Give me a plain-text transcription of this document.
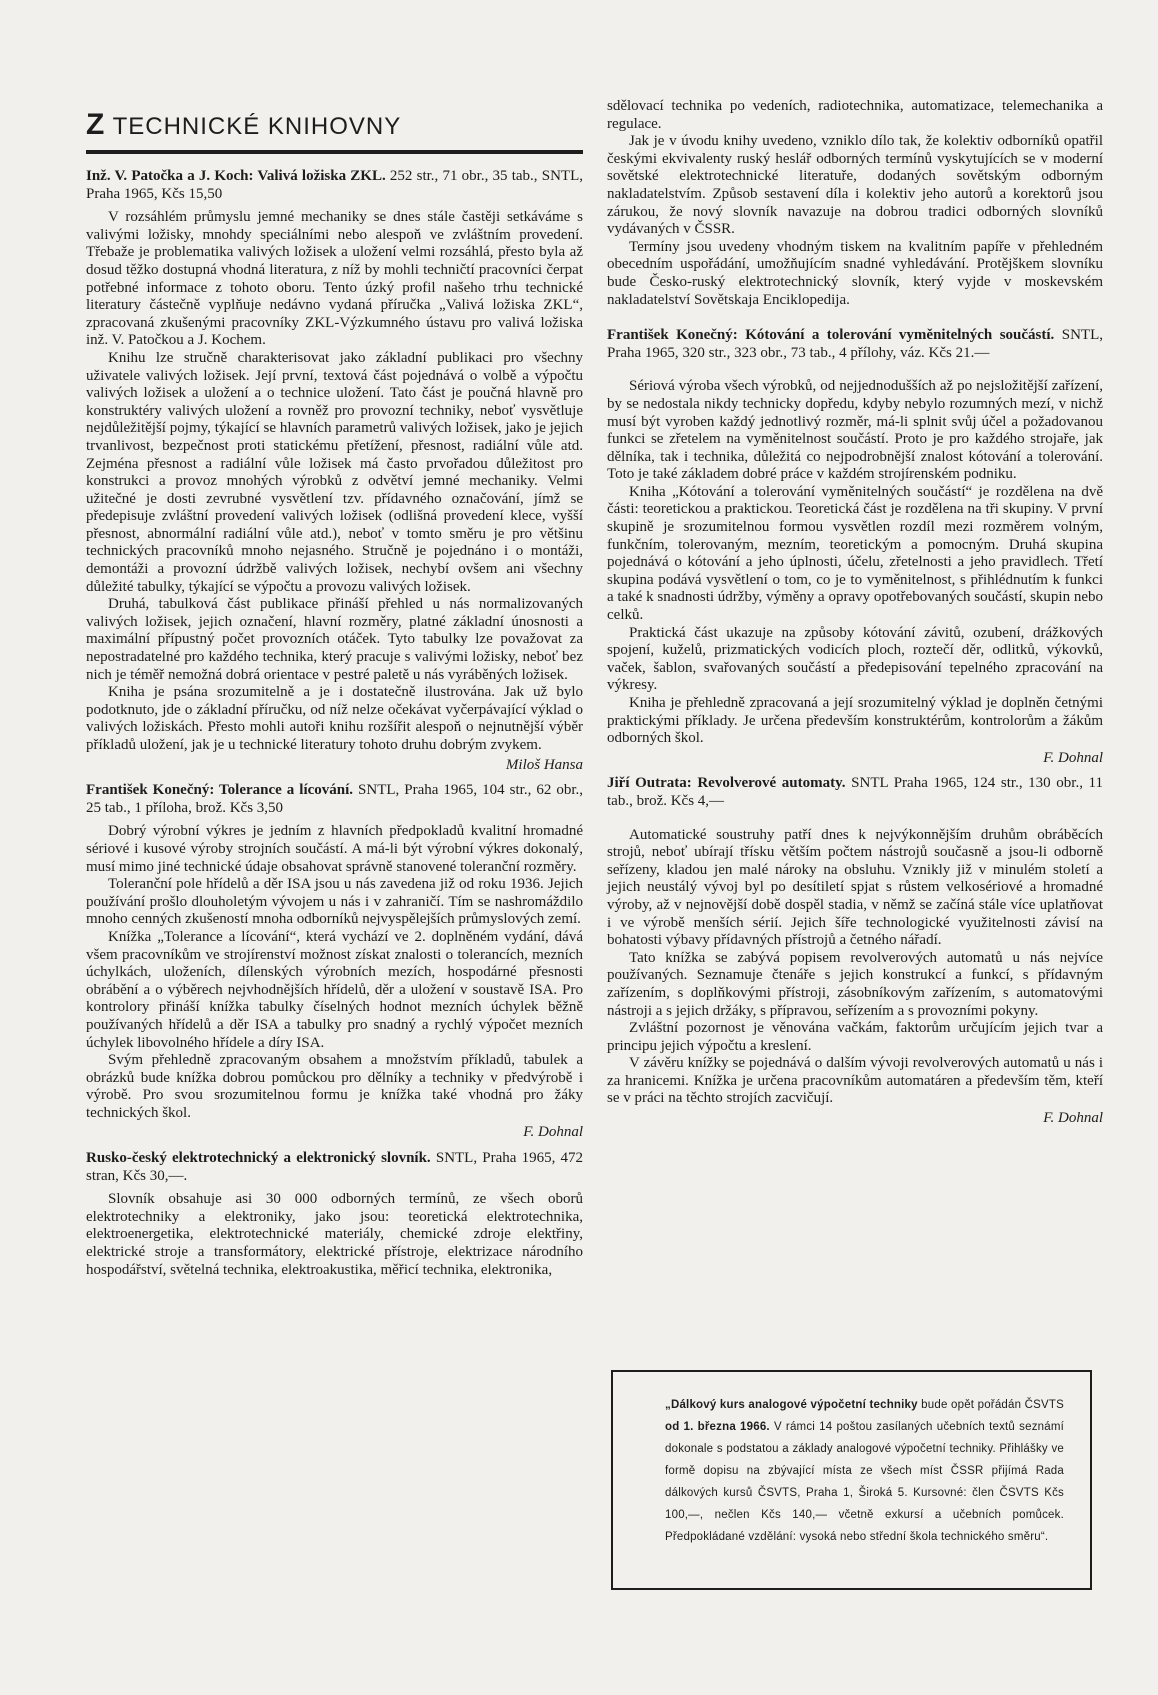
Z TECHNICKÉ KNIHOVNY
Inž. V. Patočka a J. Koch: Valivá ložiska ZKL. 252 str., 71 obr., 35 tab., SNTL, Praha 1965, Kčs 15,50

V rozsáhlém průmyslu jemné mechaniky se dnes stále častěji setkáváme s valivými ložisky, mnohdy speciálními nebo alespoň ve zvláštním provedení. Třebaže je problematika valivých ložisek a uložení velmi rozsáhlá, přesto byla až dosud těžko dostupná vhodná literatura, z níž by mohli techničtí pracovníci čerpat potřebné informace z tohoto oboru. Tento úzký profil našeho trhu technické literatury částečně vyplňuje nedávno vydaná příručka „Valivá ložiska ZKL“, zpracovaná zkušenými pracovníky ZKL-Výzkumného ústavu pro valivá ložiska inž. V. Patočkou a J. Kochem.

Knihu lze stručně charakterisovat jako základní publikaci pro všechny uživatele valivých ložisek. Její první, textová část pojednává o volbě a výpočtu valivých ložisek a uložení a o technice uložení. Tato část je poučná hlavně pro konstruktéry valivých uložení a rovněž pro provozní techniky, neboť vysvětluje nejdůležitější pojmy, týkající se hlavních parametrů valivých ložisek, jako je jejich trvanlivost, bezpečnost proti statickému přetížení, přesnost, radiální vůle atd. Zejména přesnost a radiální vůle ložisek má často prvořadou důležitost pro konstrukci a provoz mnohých výrobků z odvětví jemné mechaniky. Velmi užitečné je dosti zevrubné vysvětlení tzv. přídavného označování, jímž se předepisuje zvláštní provedení valivých ložisek (odlišná provedení klece, vyšší přesnost, abnormální radiální vůle atd.), neboť v tomto směru je pro většinu technických pracovníků mnoho nejasného. Stručně je pojednáno i o montáži, demontáži a provozní údržbě valivých ložisek, nechybí ovšem ani všechny důležité tabulky, týkající se výpočtu a provozu valivých ložisek.

Druhá, tabulková část publikace přináší přehled u nás normalizovaných valivých ložisek, jejich označení, hlavní rozměry, platné základní únosnosti a maximální přípustný počet provozních otáček. Tyto tabulky lze považovat za nepostradatelné pro každého technika, který pracuje s valivými ložisky, neboť bez nich je téměř nemožná dobrá orientace v pestré paletě u nás vyráběných ložisek.

Kniha je psána srozumitelně a je i dostatečně ilustrována. Jak už bylo podotknuto, jde o základní příručku, od níž nelze očekávat vyčerpávající výklad o valivých ložiskách. Přesto mohli autoři knihu rozšířit alespoň o nejnutnější výběr příkladů uložení, jak je u technické literatury tohoto druhu dobrým zvykem.

Miloš Hansa
František Konečný: Tolerance a lícování. SNTL, Praha 1965, 104 str., 62 obr., 25 tab., 1 příloha, brož. Kčs 3,50

Dobrý výrobní výkres je jedním z hlavních předpokladů kvalitní hromadné sériové i kusové výroby strojních součástí. A má-li být výrobní výkres dokonalý, musí mimo jiné technické údaje obsahovat správně stanovené toleranční rozměry.

Toleranční pole hřídelů a děr ISA jsou u nás zavedena již od roku 1936. Jejich používání prošlo dlouholetým vývojem u nás i v zahraničí. Tím se nashromáždilo mnoho cenných zkušeností mnoha odborníků nejvyspělejších průmyslových zemí.

Knížka „Tolerance a lícování“, která vychází ve 2. doplněném vydání, dává všem pracovníkům ve strojírenství možnost získat znalosti o tolerancích, mezních úchylkách, uloženích, dílenských výrobních mezích, hospodárné přesnosti obrábění a o výběrech nejvhodnějších hřídelů, děr a uložení v soustavě ISA. Pro kontrolory přináší knížka tabulky číselných hodnot mezních úchylek běžně používaných hřídelů a děr ISA a tabulky pro snadný a rychlý výpočet mezních úchylek libovolného hřídele a díry ISA.

Svým přehledně zpracovaným obsahem a množstvím příkladů, tabulek a obrázků bude knížka dobrou pomůckou pro dělníky a techniky v předvýrobě i výrobě. Pro svou srozumitelnou formu je knížka také vhodná pro žáky technických škol.

F. Dohnal
Rusko-český elektrotechnický a elektronický slovník. SNTL, Praha 1965, 472 stran, Kčs 30,—.

Slovník obsahuje asi 30 000 odborných termínů, ze všech oborů elektrotechniky a elektroniky, jako jsou: teoretická elektrotechnika, elektroenergetika, elektrotechnické materiály, chemické zdroje elektřiny, elektrické stroje a transformátory, elektrické přístroje, elektrizace národního hospodářství, světelná technika, elektroakustika, měřicí technika, elektronika,

sdělovací technika po vedeních, radiotechnika, automatizace, telemechanika a regulace.

Jak je v úvodu knihy uvedeno, vzniklo dílo tak, že kolektiv odborníků opatřil českými ekvivalenty ruský heslář odborných termínů vyskytujících se v moderní sovětské elektrotechnické literatuře, dodaných sovětským odborným nakladatelstvím. Způsob sestavení díla i kolektiv jeho autorů a korektorů jsou zárukou, že nový slovník navazuje na dobrou tradici odborných slovníků vydávaných v ČSSR.

Termíny jsou uvedeny vhodným tiskem na kvalitním papíře v přehledném obecedním uspořádání, umožňujícím snadné vyhledávání. Protějškem slovníku bude Česko-ruský elektrotechnický slovník, který vyjde v moskevském nakladatelství Sovětskaja Enciklopedija.

František Konečný: Kótování a tolerování vyměnitelných součástí. SNTL, Praha 1965, 320 str., 323 obr., 73 tab., 4 přílohy, váz. Kčs 21.—

Sériová výroba všech výrobků, od nejjednodušších až po nejsložitější zařízení, by se nedostala nikdy technicky dopředu, kdyby nebylo rozumných mezí, v nichž musí být vyroben každý jednotlivý rozměr, má-li splnit svůj účel a požadovanou funkci se zřetelem na vyměnitelnost součástí. Proto je pro každého strojaře, jak dělníka, tak i technika, důležitá co nejpodrobnější znalost kótování a tolerování. Toto je také základem dobré práce v každém strojírenském podniku.

Kniha „Kótování a tolerování vyměnitelných součástí“ je rozdělena na dvě části: teoretickou a praktickou. Teoretická část je rozdělena na tři skupiny. V první skupině je srozumitelnou formou vysvětlen rozdíl mezi rozměrem volným, funkčním, tolerovaným, mezním, teoretickým a pomocným. Druhá skupina pojednává o kótování a jeho úplnosti, účelu, zřetelnosti a jeho pravidlech. Třetí skupina podává vysvětlení o tom, co je to vyměnitelnost, s přihlédnutím k funkci a také k snadnosti údržby, výměny a opravy opotřebovaných součástí, skupin nebo celků.

Praktická část ukazuje na způsoby kótování závitů, ozubení, drážkových spojení, kuželů, prizmatických vodicích ploch, roztečí děr, odlitků, výkovků, vaček, šablon, svařovaných součástí a předepisování tepelného zpracování na výkresy.

Kniha je přehledně zpracovaná a její srozumitelný výklad je doplněn četnými praktickými příklady. Je určena především konstruktérům, kontrolorům a žákům odborných škol.

F. Dohnal
Jiří Outrata: Revolverové automaty. SNTL Praha 1965, 124 str., 130 obr., 11 tab., brož. Kčs 4,—

Automatické soustruhy patří dnes k nejvýkonnějším druhům obráběcích strojů, neboť ubírají třísku větším počtem nástrojů současně a jsou-li odborně seřízeny, kladou jen malé nároky na obsluhu. Vznikly již v minulém století a jejich neustálý vývoj byl po desítiletí spjat s růstem velkosériové a hromadné výroby, až v nejnovější době dospěl stadia, v němž se začíná stále více uplatňovat i ve výrobě menších sérií. Jejich šíře technologické využitelnosti závisí na bohatosti výbavy přídavných přístrojů a četného nářadí.

Tato knížka se zabývá popisem revolverových automatů u nás nejvíce používaných. Seznamuje čtenáře s jejich konstrukcí a funkcí, s přídavným zařízením, s doplňkovými přístroji, zásobníkovým zařízením, s automatovými nástroji a s jejich držáky, s přípravou, seřízením a s provozními pokyny.

Zvláštní pozornost je věnována vačkám, faktorům určujícím jejich tvar a principu jejich výpočtu a kreslení.

V závěru knížky se pojednává o dalším vývoji revolverových automatů u nás i za hranicemi. Knížka je určena pracovníkům automatáren a především těm, kteří se v práci na těchto strojích zacvičují.

F. Dohnal
„Dálkový kurs analogové výpočetní techniky bude opět pořádán ČSVTS od 1. března 1966. V rámci 14 poštou zasílaných učebních textů seznámí dokonale s podstatou a základy analogové výpočetní techniky. Přihlášky ve formě dopisu na zbývající místa ze všech míst ČSSR přijímá Rada dálkových kursů ČSVTS, Praha 1, Široká 5. Kursovné: člen ČSVTS Kčs 100,—, nečlen Kčs 140,— včetně exkursí a učebních pomůcek. Předpokládané vzdělání: vysoká nebo střední škola technického směru“.
